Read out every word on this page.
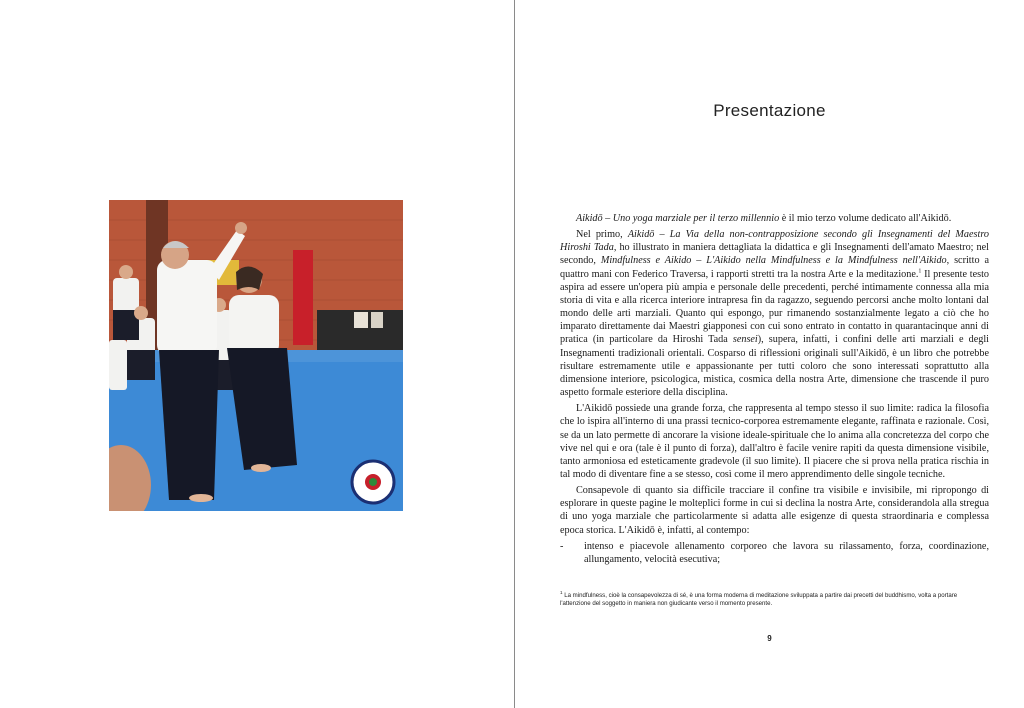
Presentazione

Aikidō – Uno yoga marziale per il terzo millennio è il mio terzo volume dedicato all'Aikidō.

Nel primo, Aikidō – La Via della non-contrapposizione secondo gli Insegnamenti del Maestro Hiroshi Tada, ho illustrato in maniera dettagliata la didattica e gli Insegnamenti dell'amato Maestro; nel secondo, Mindfulness e Aikido – L'Aikido nella Mindfulness e la Mindfulness nell'Aikido, scritto a quattro mani con Federico Traversa, i rapporti stretti tra la nostra Arte e la meditazione.$^1$ Il presente testo aspira ad essere un'opera più ampia e personale delle precedenti, perché intimamente connessa alla mia storia di vita e alla ricerca interiore intrapresa fin da ragazzo, seguendo percorsi anche molto lontani dal mondo delle arti marziali. Quanto qui espongo, pur rimanendo sostanzialmente legato a ciò che ho imparato direttamente dai Maestri giapponesi con cui sono entrato in contatto in quarantacinque anni di pratica (in particolare da Hiroshi Tada sensei), supera, infatti, i confini delle arti marziali e degli Insegnamenti tradizionali orientali. Cosparso di riflessioni originali sull'Aikidō, è un libro che potrebbe risultare estremamente utile e appassionante per tutti coloro che sono interessati soprattutto alla dimensione interiore, psicologica, mistica, cosmica della nostra Arte, dimensione che trascende il puro aspetto formale esteriore della disciplina.

L'Aikidō possiede una grande forza, che rappresenta al tempo stesso il suo limite: radica la filosofia che lo ispira all'interno di una prassi tecnico-corporea estremamente elegante, raffinata e razionale. Così, se da un lato permette di ancorare la visione ideale-spirituale che lo anima alla concretezza del corpo che vive nel qui e ora (tale è il punto di forza), dall'altro è facile venire rapiti da questa dimensione visibile, tanto armoniosa ed esteticamente gradevole (il suo limite). Il piacere che si prova nella pratica rischia in tal modo di diventare fine a se stesso, così come il mero apprendimento delle singole tecniche.

Consapevole di quanto sia difficile tracciare il confine tra visibile e invisibile, mi ripropongo di esplorare in queste pagine le molteplici forme in cui si declina la nostra Arte, considerandola alla stregua di uno yoga marziale che particolarmente si adatta alle esigenze di questa straordinaria e complessa epoca storica. L'Aikidō è, infatti, al contempo:

-	intenso e piacevole allenamento corporeo che lavora su rilassamento, forza, coordinazione, allungamento, velocità esecutiva;
$^1$ La mindfulness, cioè la consapevolezza di sé, è una forma moderna di meditazione sviluppata a partire dai precetti del buddhismo, volta a portare l'attenzione del soggetto in maniera non giudicante verso il momento presente.
9
